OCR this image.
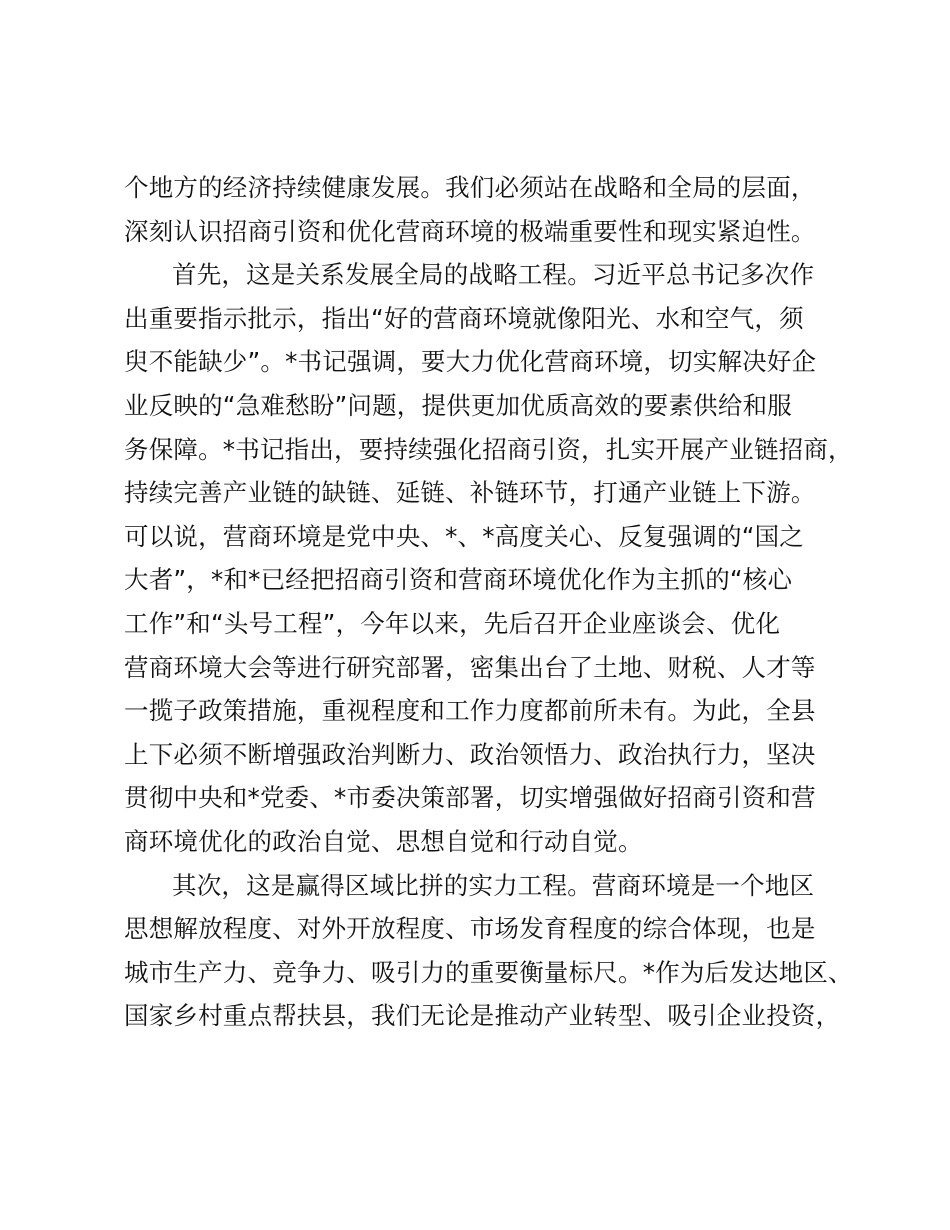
个地方的经济持续健康发展。我们必须站在战略和全局的层面，
深刻认识招商引资和优化营商环境的极端重要性和现实紧迫性。
首先，这是关系发展全局的战略工程。习近平总书记多次作
出重要指示批示，指出“好的营商环境就像阳光、水和空气，须
臾不能缺少”。*书记强调，要大力优化营商环境，切实解决好企
业反映的“急难愁盼”问题，提供更加优质高效的要素供给和服
务保障。*书记指出，要持续强化招商引资，扎实开展产业链招商，
持续完善产业链的缺链、延链、补链环节，打通产业链上下游。
可以说，营商环境是党中央、*、*高度关心、反复强调的“国之
大者”，*和*已经把招商引资和营商环境优化作为主抓的“核心
工作”和“头号工程”，今年以来，先后召开企业座谈会、优化
营商环境大会等进行研究部署，密集出台了土地、财税、人才等
一揽子政策措施，重视程度和工作力度都前所未有。为此，全县
上下必须不断增强政治判断力、政治领悟力、政治执行力，坚决
贯彻中央和*党委、*市委决策部署，切实增强做好招商引资和营
商环境优化的政治自觉、思想自觉和行动自觉。
其次，这是赢得区域比拼的实力工程。营商环境是一个地区
思想解放程度、对外开放程度、市场发育程度的综合体现，也是
城市生产力、竞争力、吸引力的重要衡量标尺。*作为后发达地区、
国家乡村重点帮扶县，我们无论是推动产业转型、吸引企业投资，
